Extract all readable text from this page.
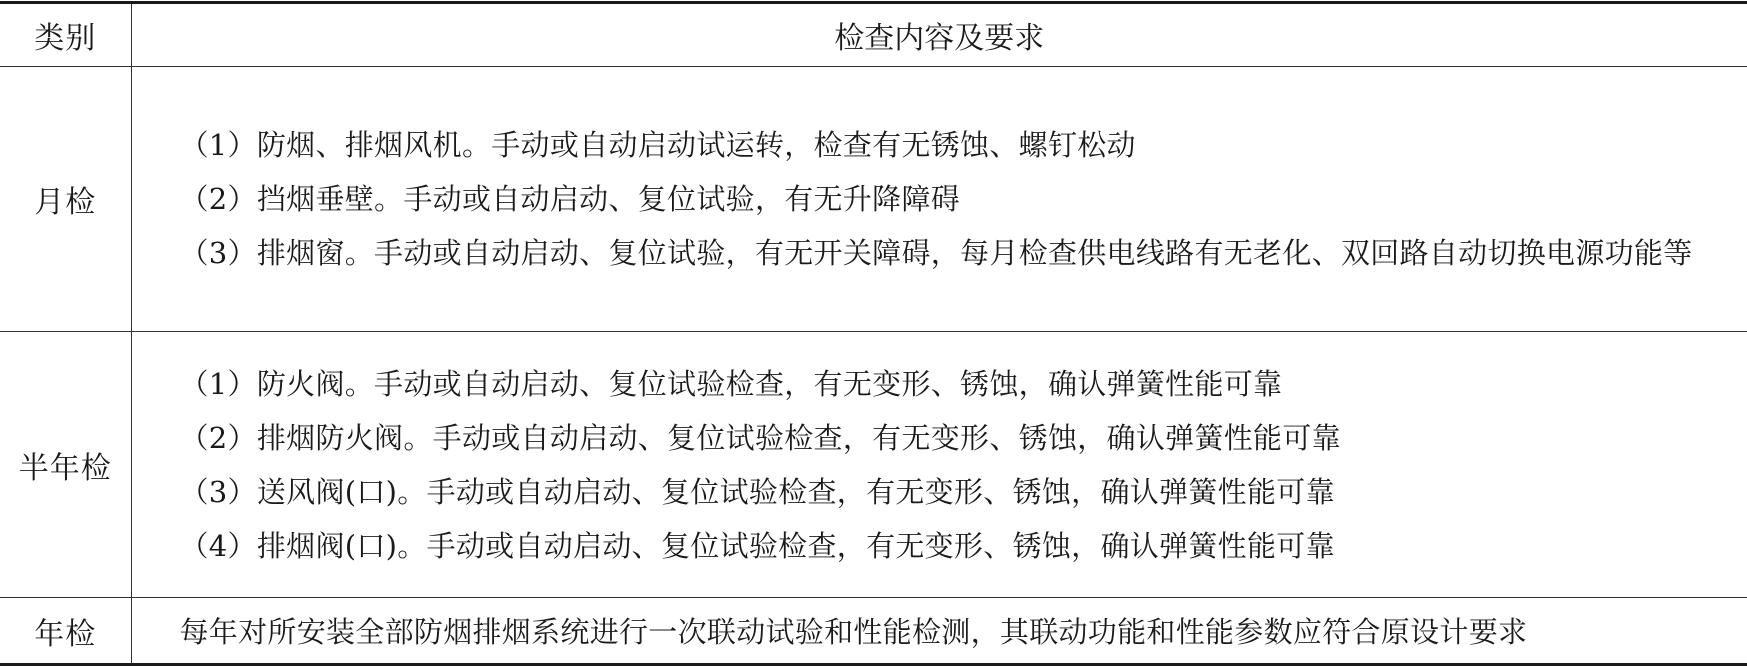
类别	检查内容及要求
月检	（1）防烟、排烟风机。手动或自动启动试运转，检查有无锈蚀、螺钉松动
（2）挡烟垂壁。手动或自动启动、复位试验，有无升降障碍
（3）排烟窗。手动或自动启动、复位试验，有无开关障碍，每月检查供电线路有无老化、双回路自动切换电源功能等

半年检	（1）防火阀。手动或自动启动、复位试验检查，有无变形、锈蚀，确认弹簧性能可靠
（2）排烟防火阀。手动或自动启动、复位试验检查，有无变形、锈蚀，确认弹簧性能可靠
（3）送风阀(口)。手动或自动启动、复位试验检查，有无变形、锈蚀，确认弹簧性能可靠
（4）排烟阀(口)。手动或自动启动、复位试验检查，有无变形、锈蚀，确认弹簧性能可靠

年检	每年对所安装全部防烟排烟系统进行一次联动试验和性能检测，其联动功能和性能参数应符合原设计要求
